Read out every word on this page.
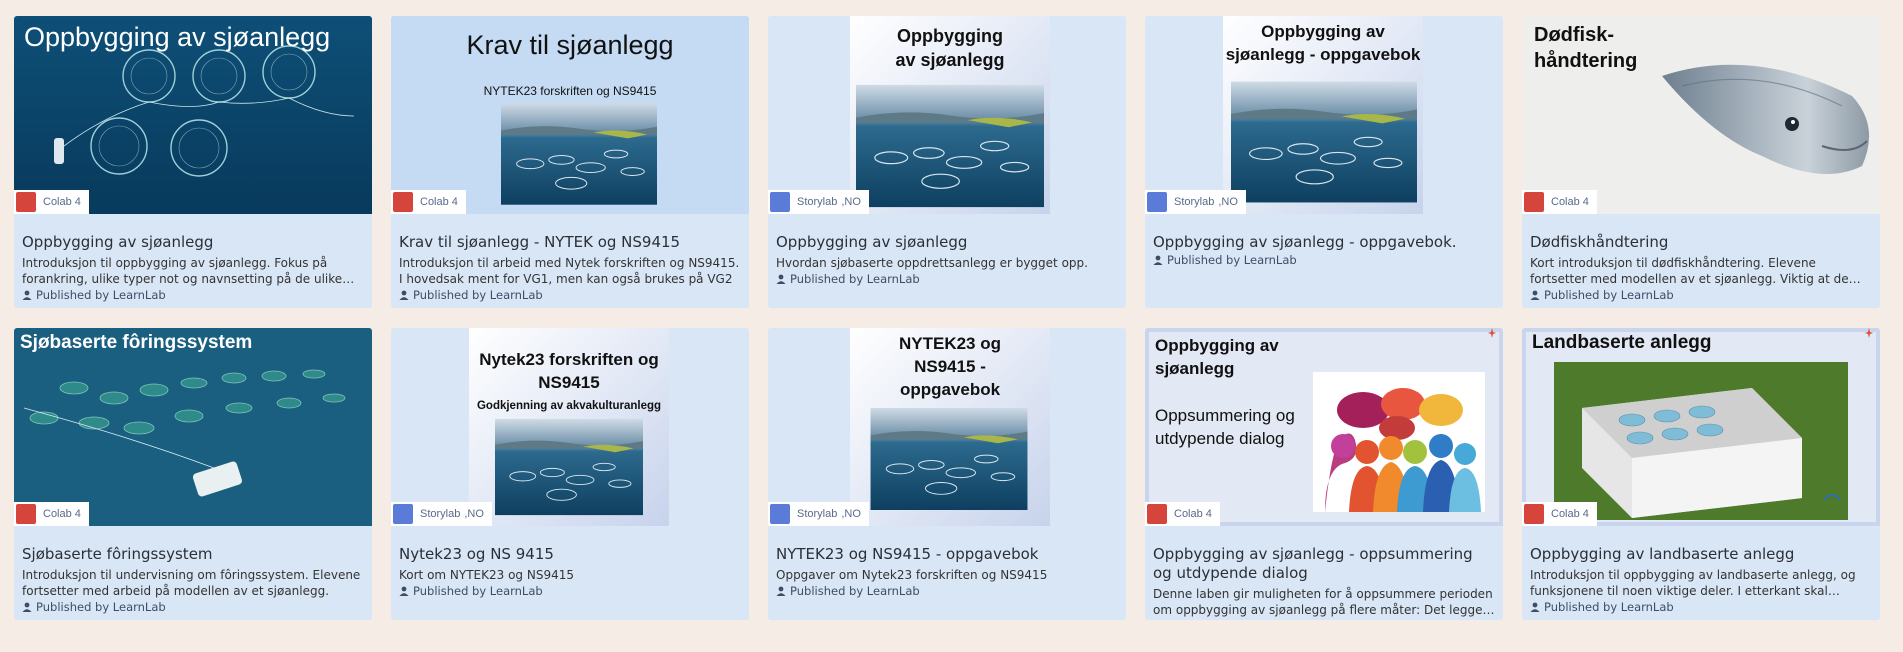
Oppbygging av sjøanlegg
Colab 4
Oppbygging av sjøanlegg
Introduksjon til oppbygging av sjøanlegg. Fokus på forankring, ulike typer not og navnsetting på de ulike
Published by LearnLab
Krav til sjøanlegg
NYTEK23 forskriften og NS9415
Colab 4
Krav til sjøanlegg - NYTEK og NS9415
Introduksjon til arbeid med Nytek forskriften og NS9415. I hovedsak ment for VG1, men kan også brukes på VG2
Published by LearnLab
Oppbygging
av sjøanlegg
Storylab ,NO
Oppbygging av sjøanlegg
Hvordan sjøbaserte oppdrettsanlegg er bygget opp.
Published by LearnLab
Oppbygging av
sjøanlegg - oppgavebok
Storylab ,NO
Oppbygging av sjøanlegg - oppgavebok.
Published by LearnLab
Dødfisk-
håndtering
Colab 4
Dødfiskhåndtering
Kort introduksjon til dødfiskhåndtering. Elevene fortsetter med modellen av et sjøanlegg. Viktig at de
Published by LearnLab
Sjøbaserte fôringssystem
Colab 4
Sjøbaserte fôringssystem
Introduksjon til undervisning om fôringssystem. Elevene fortsetter med arbeid på modellen av et sjøanlegg.
Published by LearnLab
Nytek23 forskriften og
NS9415
Godkjenning av akvakulturanlegg
Storylab ,NO
Nytek23 og NS 9415
Kort om NYTEK23 og NS9415
Published by LearnLab
NYTEK23 og
NS9415 -
oppgavebok
Storylab ,NO
NYTEK23 og NS9415 - oppgavebok
Oppgaver om Nytek23 forskriften og NS9415
Published by LearnLab
Oppbygging av
sjøanlegg
Oppsummering og
utdypende dialog
Colab 4
Oppbygging av sjøanlegg - oppsummering og utdypende dialog
Denne laben gir muligheten for å oppsummere perioden om oppbygging av sjøanlegg på flere måter: Det legges
Landbaserte anlegg
Colab 4
Oppbygging av landbaserte anlegg
Introduksjon til oppbygging av landbaserte anlegg, og funksjonene til noen viktige deler. I etterkant skal
Published by LearnLab
